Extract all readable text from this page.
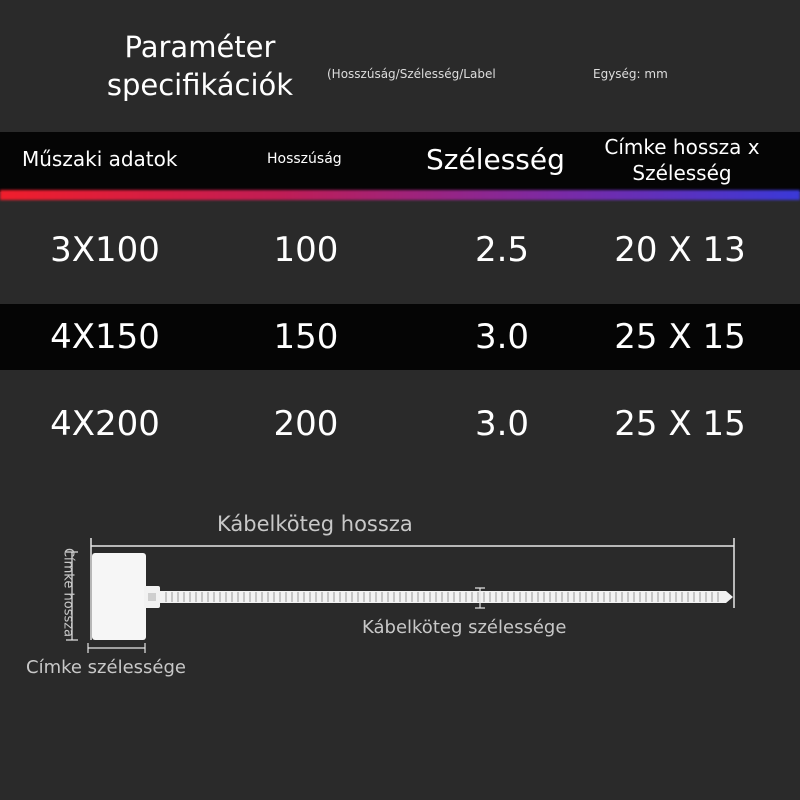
Paraméter specifikációk	(Hosszúság/Szélesség/Label	Egység: mm
Műszaki adatok	Hosszúság	Szélesség	Címke hossza x Szélesség
3X100	100	2.5	20 X 13
4X150	150	3.0	25 X 15
4X200	200	3.0	25 X 15
Kábelköteg hossza
Kábelköteg szélessége
Címke szélessége
Címke hossza
